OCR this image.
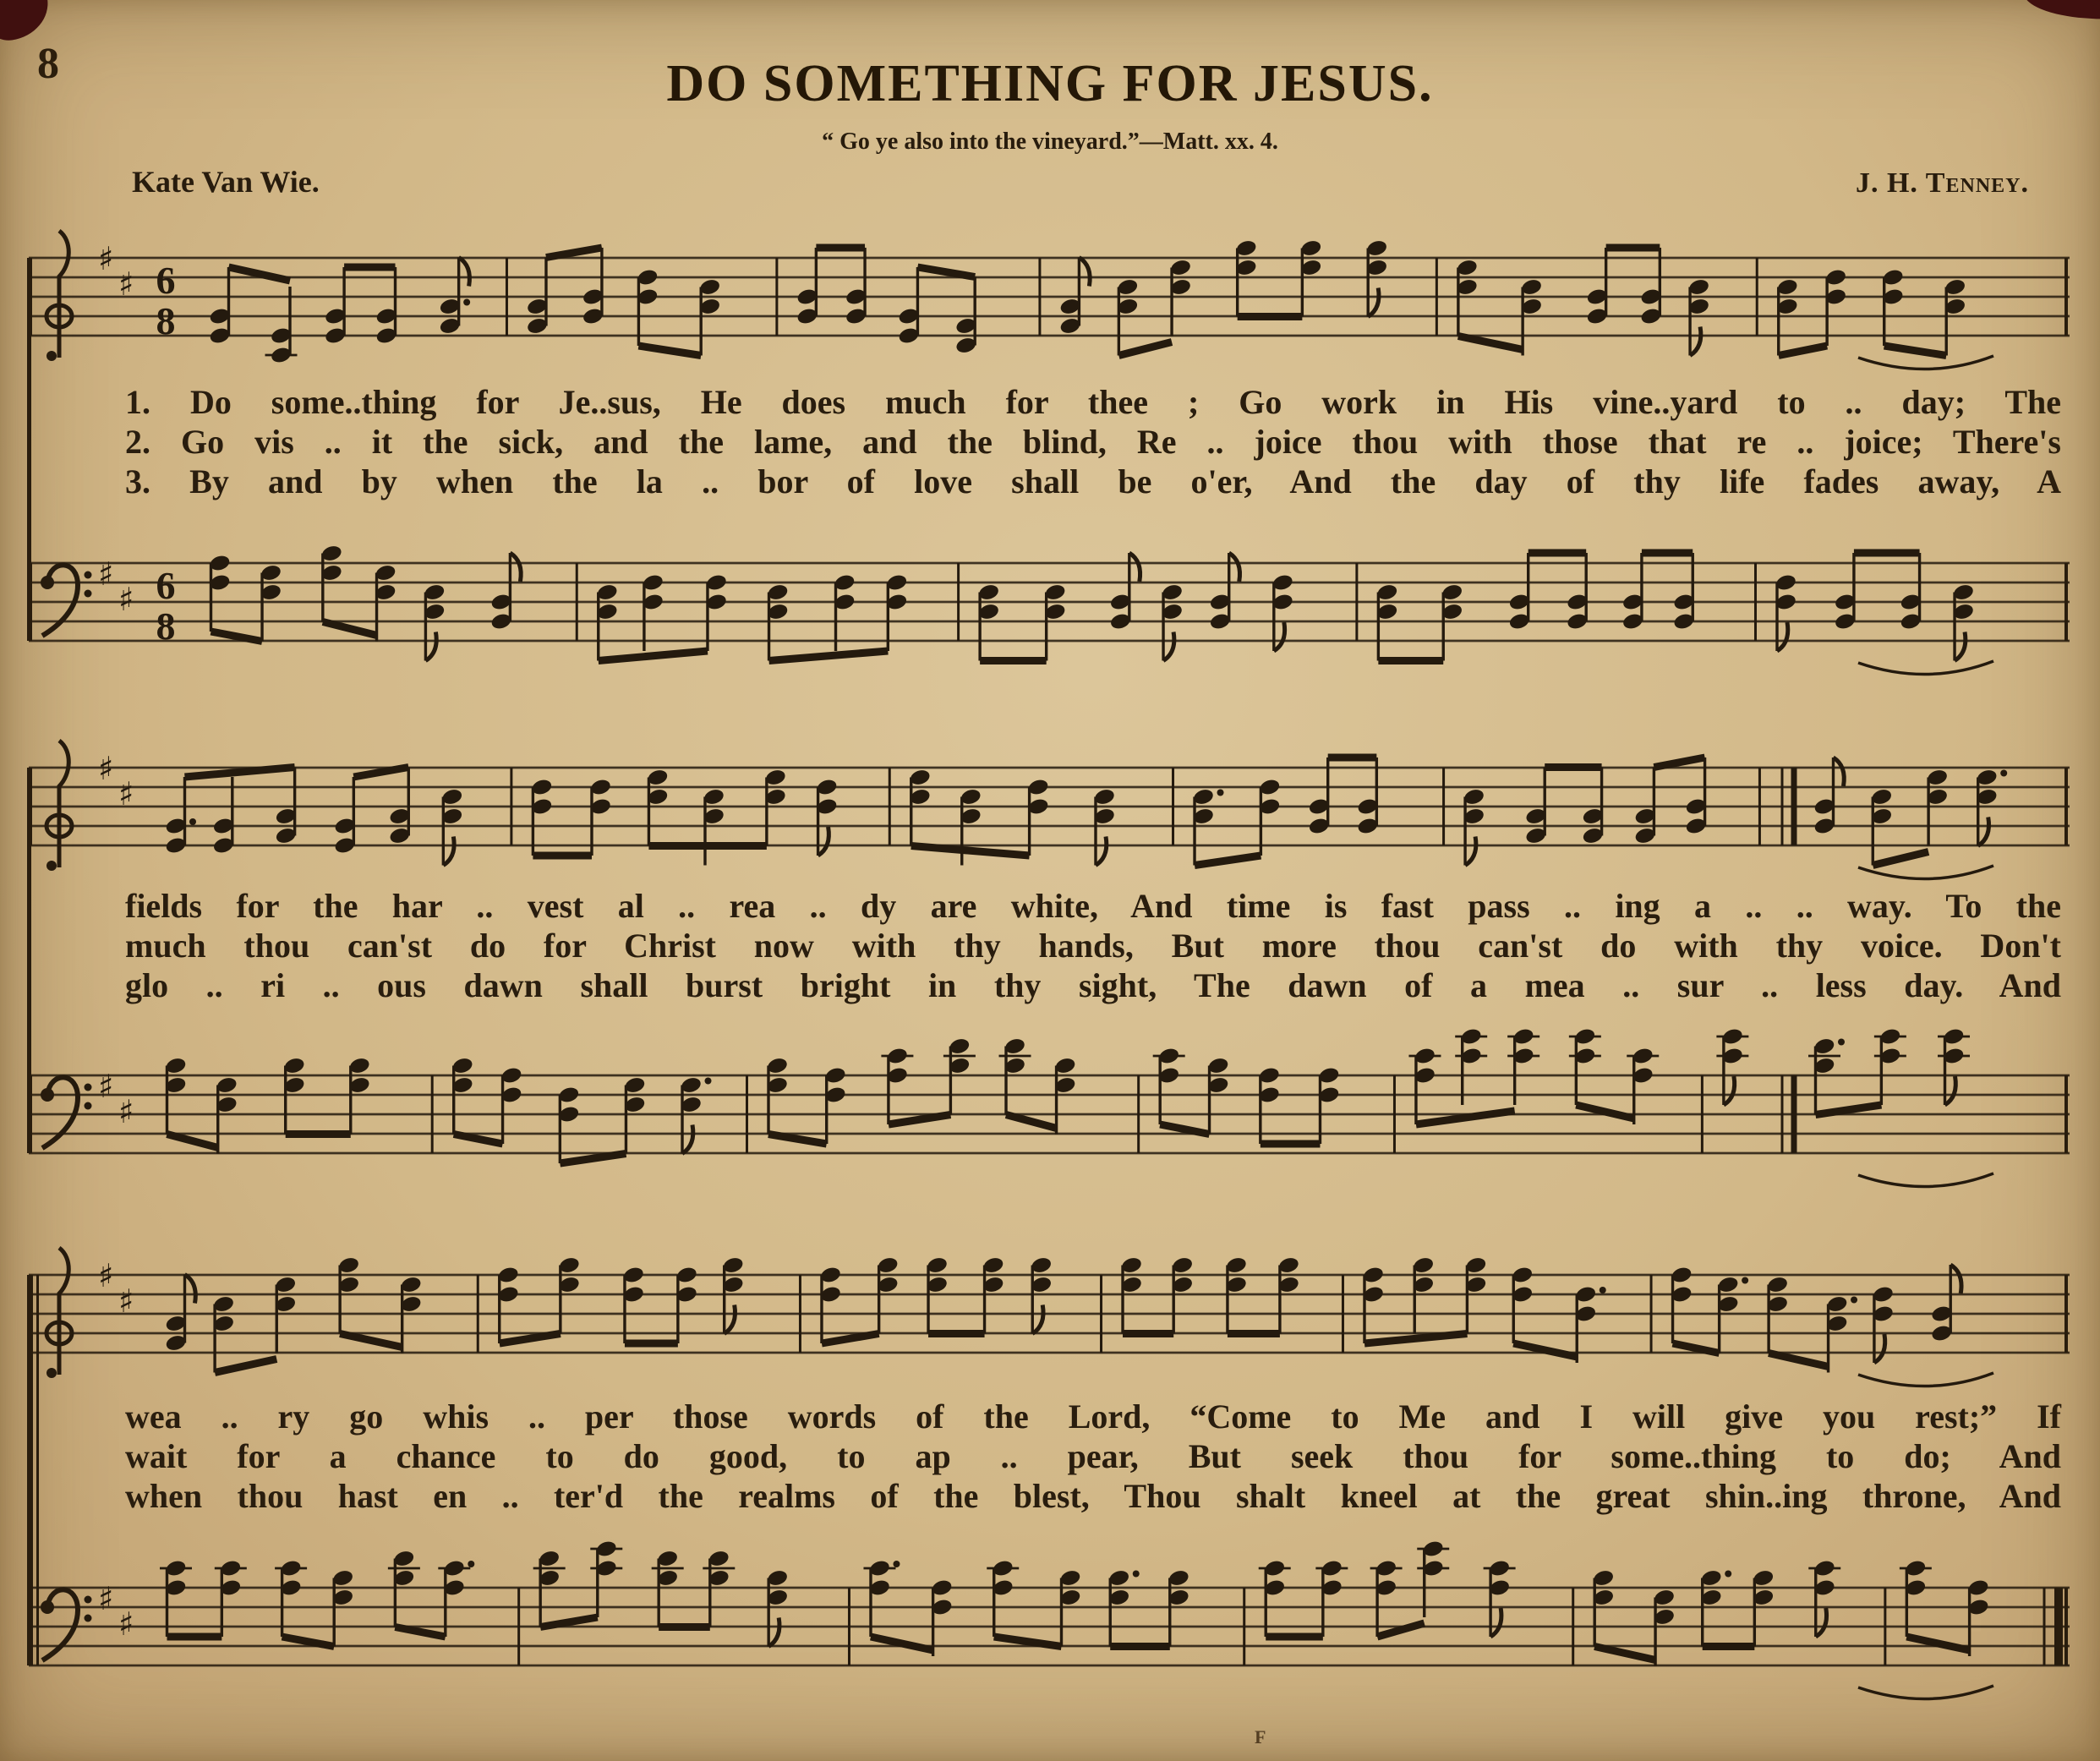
8	DO SOMETHING FOR JESUS.
“ Go ye also into the vineyard.”—Matt. xx. 4.
Kate Van Wie.	J. H. Tenney.
♯
♯ 6
8
1. Do some..thing for Je..sus, He does much for thee ; Go work in His vine..yard to .. day; The
2. Go vis .. it the sick, and the lame, and the blind, Re .. joice thou with those that re .. joice; There's
3. By and by when the la .. bor of love shall be o'er, And the day of thy life fades away, A
♯
♯ 6
8
♯
♯
fields for the har .. vest al .. rea .. dy are white, And time is fast pass .. ing a .. .. way. To the
much thou can'st do for Christ now with thy hands, But more thou can'st do with thy voice. Don't
glo .. ri .. ous dawn shall burst bright in thy sight, The dawn of a mea .. sur .. less day. And
♯
♯
♯
♯
wea .. ry go whis .. per those words of the Lord, “Come to Me and I will give you rest;” If
wait for a chance to do good, to ap .. pear, But seek thou for some..thing to do; And
when thou hast en .. ter'd the realms of the blest, Thou shalt kneel at the great shin..ing throne, And
♯
♯
F
